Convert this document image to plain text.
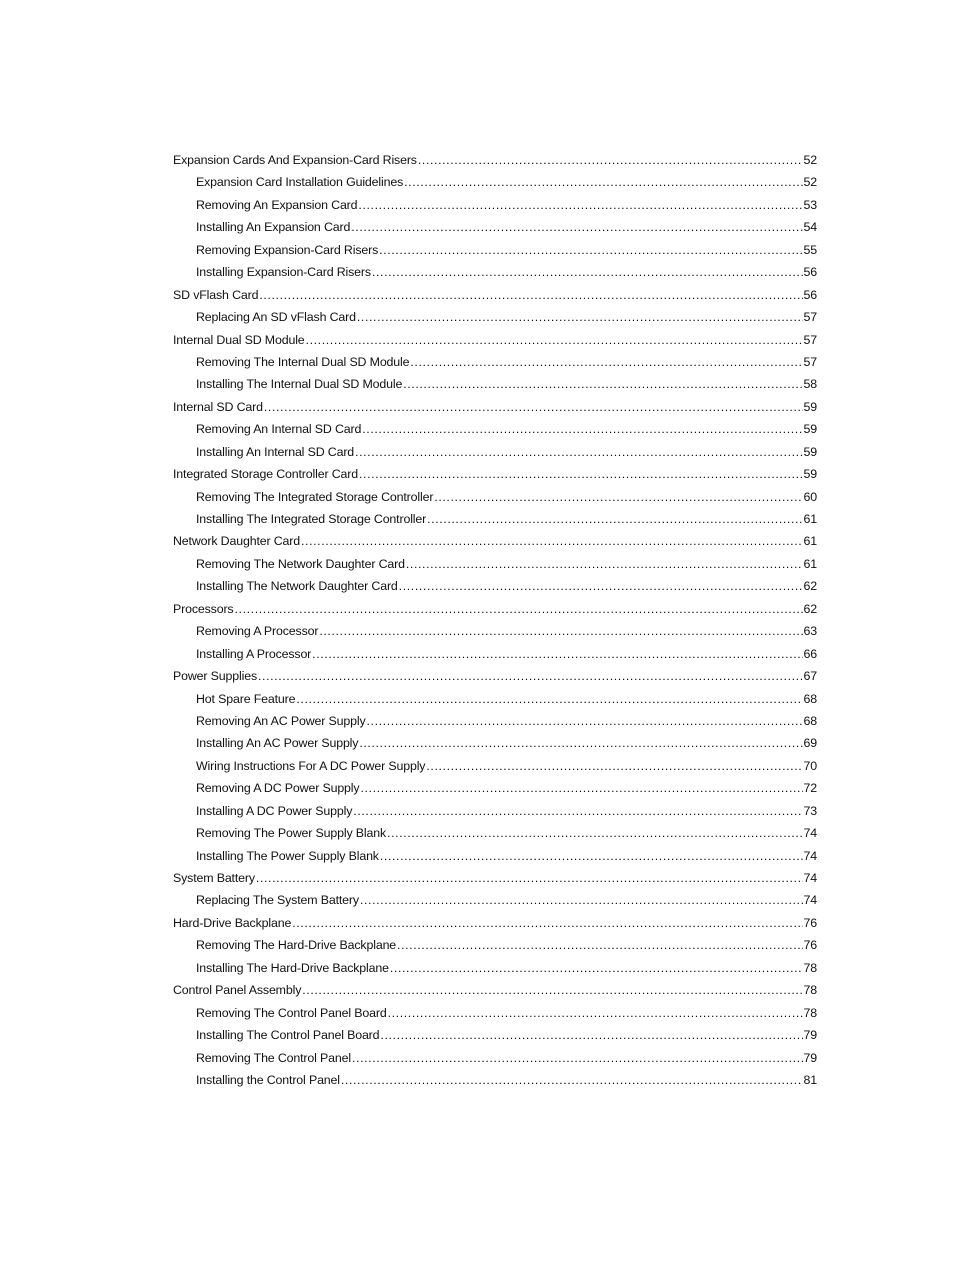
Expansion Cards And Expansion-Card Risers .....	52
Expansion Card Installation Guidelines .....	52
Removing An Expansion Card .....	53
Installing An Expansion Card .....	54
Removing Expansion-Card Risers .....	55
Installing Expansion-Card Risers .....	56
SD vFlash Card .....	56
Replacing An SD vFlash Card .....	57
Internal Dual SD Module .....	57
Removing The Internal Dual SD Module .....	57
Installing The Internal Dual SD Module .....	58
Internal SD Card .....	59
Removing An Internal SD Card .....	59
Installing An Internal SD Card .....	59
Integrated Storage Controller Card .....	59
Removing The Integrated Storage Controller .....	60
Installing The Integrated Storage Controller .....	61
Network Daughter Card .....	61
Removing The Network Daughter Card .....	61
Installing The Network Daughter Card .....	62
Processors .....	62
Removing A Processor .....	63
Installing A Processor .....	66
Power Supplies .....	67
Hot Spare Feature .....	68
Removing An AC Power Supply .....	68
Installing An AC Power Supply .....	69
Wiring Instructions For A DC Power Supply .....	70
Removing A DC Power Supply .....	72
Installing A DC Power Supply .....	73
Removing The Power Supply Blank .....	74
Installing The Power Supply Blank .....	74
System Battery .....	74
Replacing The System Battery .....	74
Hard-Drive Backplane .....	76
Removing The Hard-Drive Backplane .....	76
Installing The Hard-Drive Backplane .....	78
Control Panel Assembly .....	78
Removing The Control Panel Board .....	78
Installing The Control Panel Board .....	79
Removing The Control Panel .....	79
Installing the Control Panel .....	81
